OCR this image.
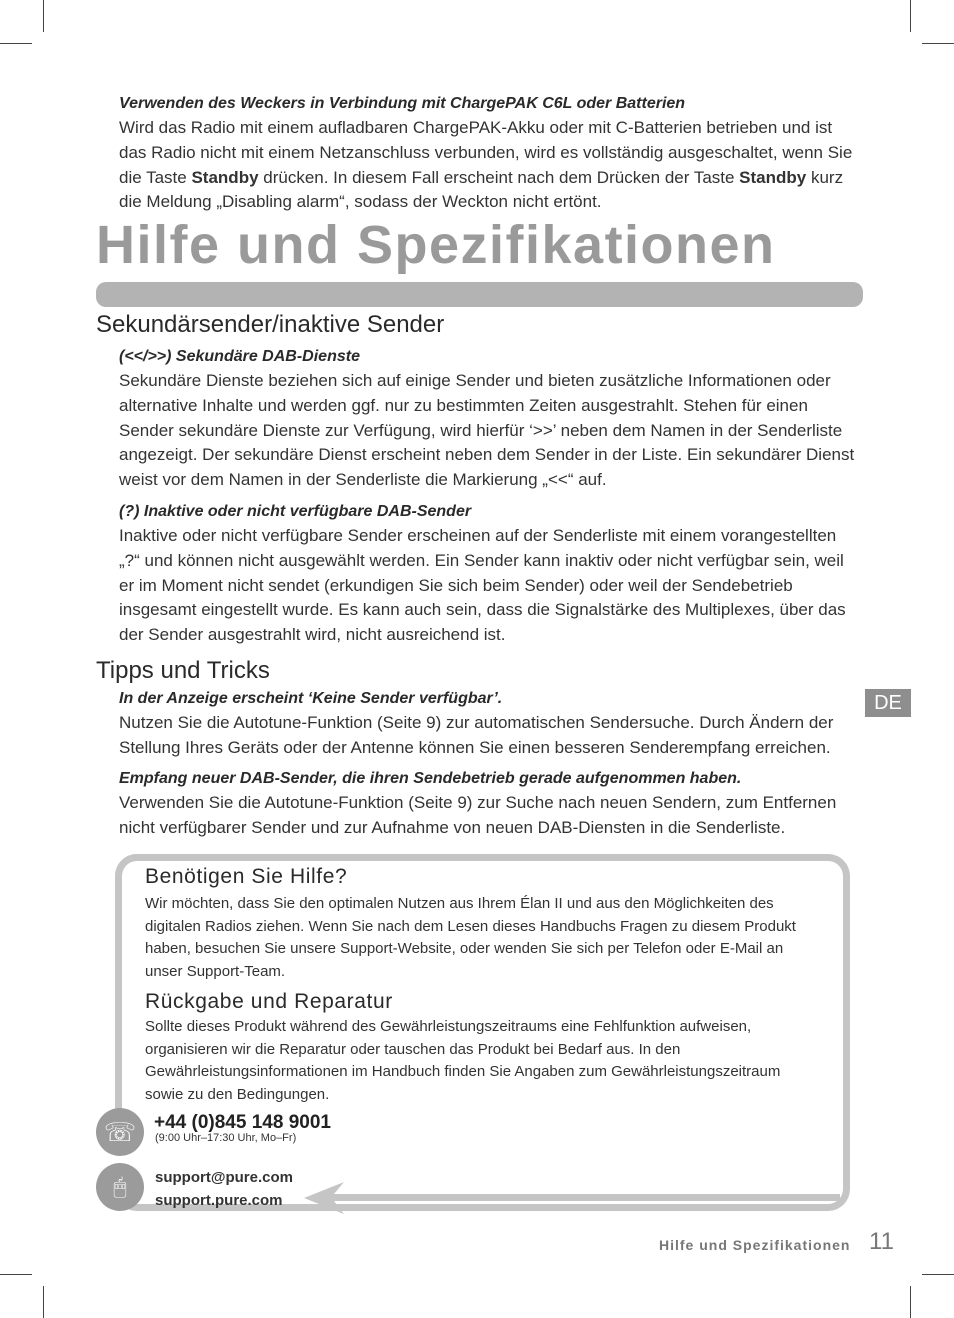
Verwenden des Weckers in Verbindung mit ChargePAK C6L oder Batterien
Wird das Radio mit einem aufladbaren ChargePAK-Akku oder mit C-Batterien betrieben und ist das Radio nicht mit einem Netzanschluss verbunden, wird es vollständig ausgeschaltet, wenn Sie die Taste Standby drücken. In diesem Fall erscheint nach dem Drücken der Taste Standby kurz die Meldung „Disabling alarm“, sodass der Weckton nicht ertönt.
Hilfe und Spezifikationen
Sekundärsender/inaktive Sender
(<</>>) Sekundäre DAB-Dienste
Sekundäre Dienste beziehen sich auf einige Sender und bieten zusätzliche Informationen oder alternative Inhalte und werden ggf. nur zu bestimmten Zeiten ausgestrahlt. Stehen für einen Sender sekundäre Dienste zur Verfügung, wird hierfür ‘>>’ neben dem Namen in der Senderliste angezeigt. Der sekundäre Dienst erscheint neben dem Sender in der Liste. Ein sekundärer Dienst weist vor dem Namen in der Senderliste die Markierung „<<“ auf.
(?) Inaktive oder nicht verfügbare DAB-Sender
Inaktive oder nicht verfügbare Sender erscheinen auf der Senderliste mit einem vorangestellten „?“ und können nicht ausgewählt werden. Ein Sender kann inaktiv oder nicht verfügbar sein, weil er im Moment nicht sendet (erkundigen Sie sich beim Sender) oder weil der Sendebetrieb insgesamt eingestellt wurde. Es kann auch sein, dass die Signalstärke des Multiplexes, über das der Sender ausgestrahlt wird, nicht ausreichend ist.
Tipps und Tricks
In der Anzeige erscheint ‘Keine Sender verfügbar’.
Nutzen Sie die Autotune-Funktion (Seite 9) zur automatischen Sendersuche. Durch Ändern der Stellung Ihres Geräts oder der Antenne können Sie einen besseren Senderempfang erreichen.
Empfang neuer DAB-Sender, die ihren Sendebetrieb gerade aufgenommen haben.
Verwenden Sie die Autotune-Funktion (Seite 9) zur Suche nach neuen Sendern, zum Entfernen nicht verfügbarer Sender und zur Aufnahme von neuen DAB-Diensten in die Senderliste.
DE
Benötigen Sie Hilfe?
Wir möchten, dass Sie den optimalen Nutzen aus Ihrem Élan II und aus den Möglichkeiten des digitalen Radios ziehen. Wenn Sie nach dem Lesen dieses Handbuchs Fragen zu diesem Produkt haben, besuchen Sie unsere Support-Website, oder wenden Sie sich per Telefon oder E-Mail an unser Support-Team.
Rückgabe und Reparatur
Sollte dieses Produkt während des Gewährleistungszeitraums eine Fehlfunktion aufweisen, organisieren wir die Reparatur oder tauschen das Produkt bei Bedarf aus. In den Gewährleistungsinformationen im Handbuch finden Sie Angaben zum Gewährleistungszeitraum sowie zu den Bedingungen.
☏ +44 (0)845 148 9001
(9:00 Uhr–17:30 Uhr, Mo–Fr)
🖱	support@pure.com
support.pure.com
Hilfe und Spezifikationen 11
